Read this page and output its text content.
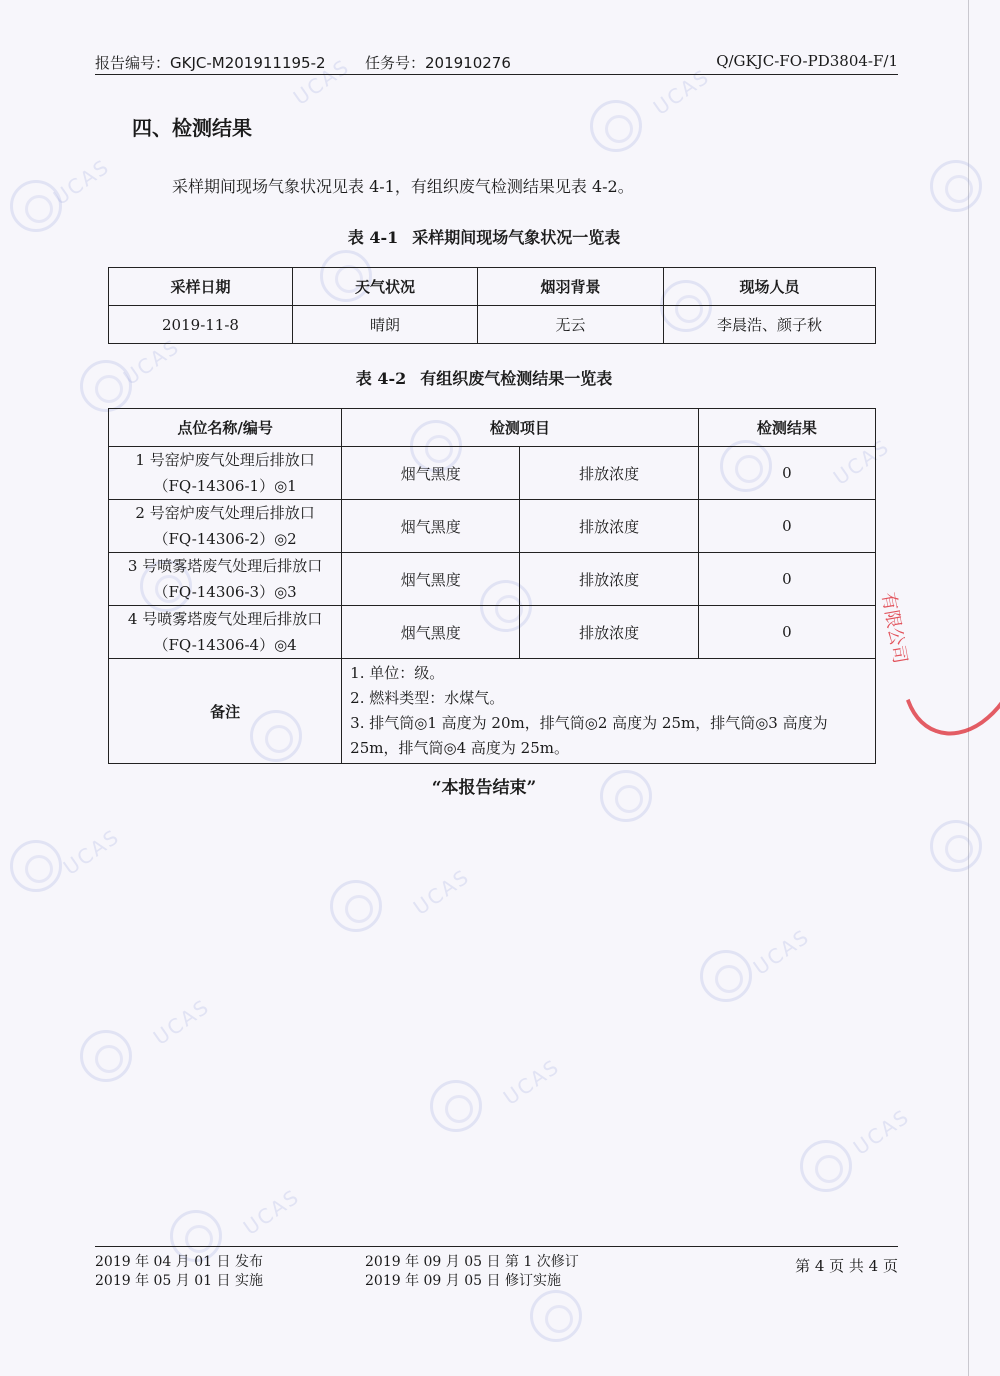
UCAS
UCAS
UCAS
UCAS
UCAS
UCAS
UCAS
UCAS
UCAS
UCAS
UCAS
UCAS
报告编号：GKJC-M201911195-2	任务号：201910276	Q/GKJC-FO-PD3804-F/1
四、检测结果
采样期间现场气象状况见表 4-1，有组织废气检测结果见表 4-2。
表 4-1 采样期间现场气象状况一览表
采样日期	天气状况	烟羽背景	现场人员
2019-11-8	晴朗	无云	李晨浩、颜子秋
表 4-2 有组织废气检测结果一览表
点位名称/编号	检测项目		检测结果
1 号窑炉废气处理后排放口
（FQ-14306-1）◎1	烟气黑度	排放浓度	0
2 号窑炉废气处理后排放口
（FQ-14306-2）◎2	烟气黑度	排放浓度	0
3 号喷雾塔废气处理后排放口
（FQ-14306-3）◎3	烟气黑度	排放浓度	0
4 号喷雾塔废气处理后排放口
（FQ-14306-4）◎4	烟气黑度	排放浓度	0
备注	1. 单位：级。
2. 燃料类型：水煤气。
3. 排气筒◎1 高度为 20m，排气筒◎2 高度为 25m，排气筒◎3 高度为 25m，排气筒◎4 高度为 25m。		
“本报告结束”
有限公司
2019 年 04 月 01 日 发布
2019 年 05 月 01 日 实施
2019 年 09 月 05 日 第 1 次修订
2019 年 09 月 05 日 修订实施
第 4 页 共 4 页
